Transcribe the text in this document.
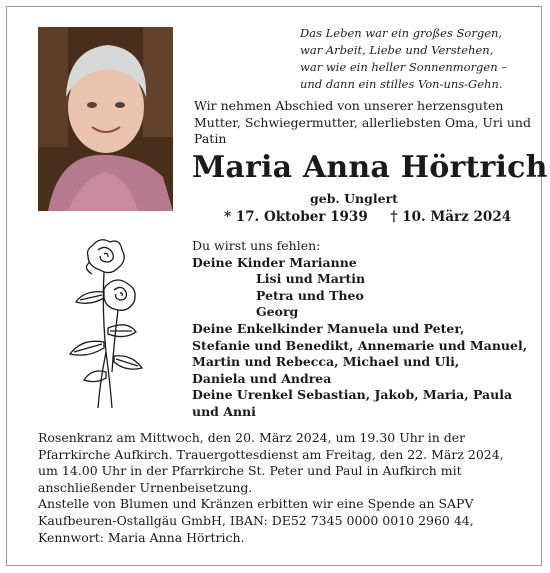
Das Leben war ein großes Sorgen,
war Arbeit, Liebe und Verstehen,
war wie ein heller Sonnenmorgen –
und dann ein stilles Von-uns-Gehn.
Wir nehmen Abschied von unserer herzensguten Mutter, Schwiegermutter, allerliebsten Oma, Uri und Patin
Maria Anna Hörtrich
geb. Unglert
* 17. Oktober 1939 † 10. März 2024
Du wirst uns fehlen:
Deine Kinder Marianne
Lisi und Martin
Petra und Theo
Georg
Deine Enkelkinder Manuela und Peter,
Stefanie und Benedikt, Annemarie und Manuel,
Martin und Rebecca, Michael und Uli,
Daniela und Andrea
Deine Urenkel Sebastian, Jakob, Maria, Paula
und Anni
Rosenkranz am Mittwoch, den 20. März 2024, um 19.30 Uhr in der Pfarrkirche Aufkirch. Trauergottesdienst am Freitag, den 22. März 2024, um 14.00 Uhr in der Pfarrkirche St. Peter und Paul in Aufkirch mit anschließender Urnenbeisetzung.
Anstelle von Blumen und Kränzen erbitten wir eine Spende an SAPV Kaufbeuren-Ostallgäu GmbH, IBAN: DE52 7345 0000 0010 2960 44, Kennwort: Maria Anna Hörtrich.
